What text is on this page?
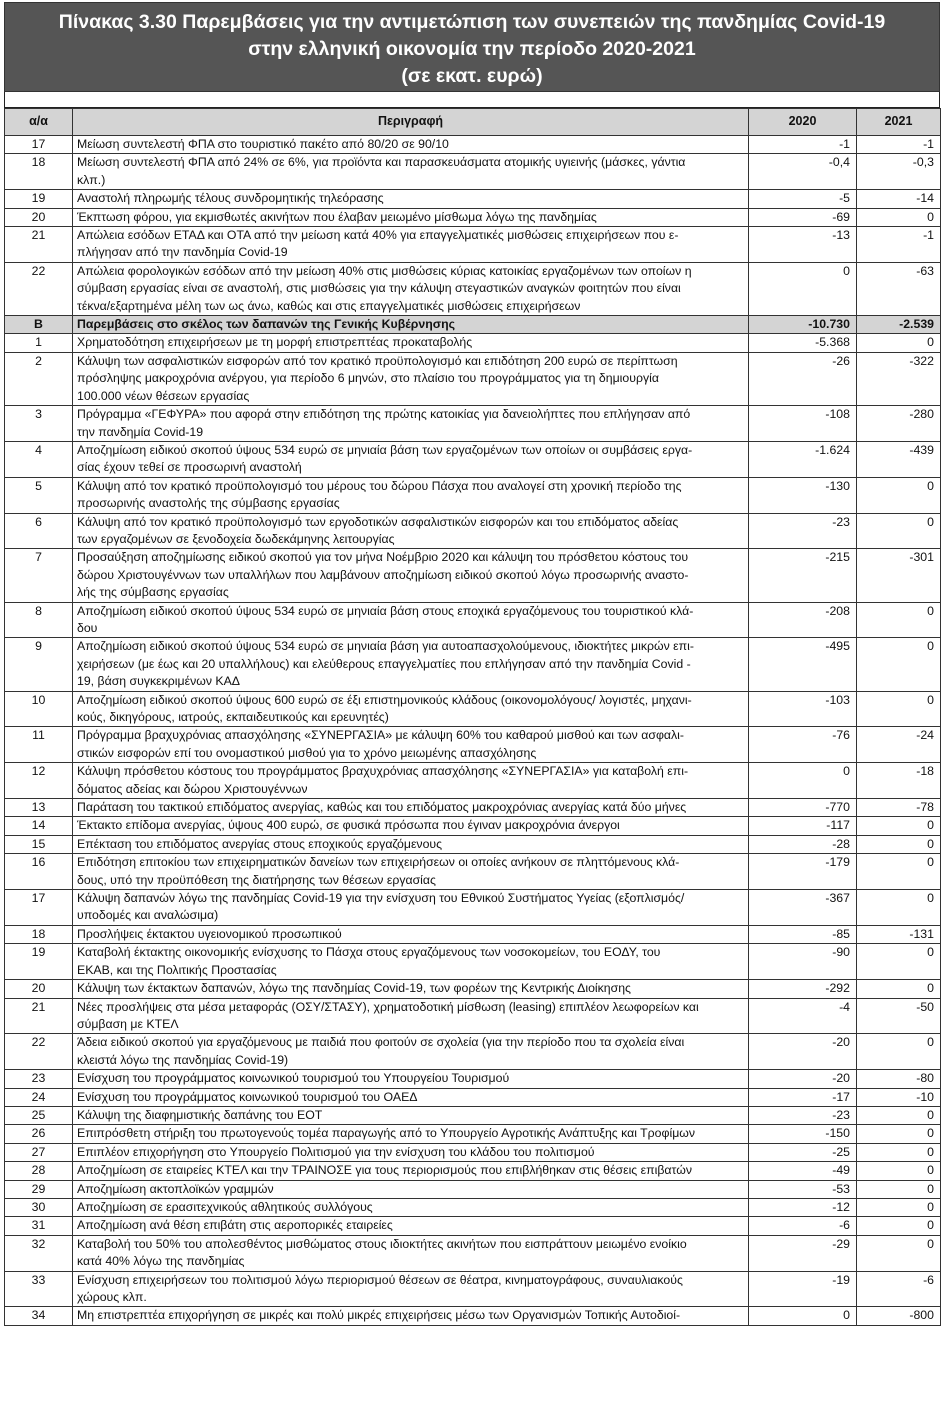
Πίνακας 3.30 Παρεμβάσεις για την αντιμετώπιση των συνεπειών της πανδημίας Covid-19
στην ελληνική οικονομία την περίοδο 2020-2021
(σε εκατ. ευρώ)
α/α	Περιγραφή	2020	2021
17	Μείωση συντελεστή ΦΠΑ στο τουριστικό πακέτο από 80/20 σε 90/10	-1	-1
18	Μείωση συντελεστή ΦΠΑ από 24% σε 6%, για προϊόντα και παρασκευάσματα ατομικής υγιεινής (μάσκες, γάντια
κλπ.)	-0,4	-0,3
19	Αναστολή πληρωμής τέλους συνδρομητικής τηλεόρασης	-5	-14
20	Έκπτωση φόρου, για εκμισθωτές ακινήτων που έλαβαν μειωμένο μίσθωμα λόγω της πανδημίας	-69	0
21	Απώλεια εσόδων ΕΤΑΔ και ΟΤΑ από την μείωση κατά 40% για επαγγελματικές μισθώσεις επιχειρήσεων που ε-
πλήγησαν από την πανδημία Covid-19	-13	-1
22	Απώλεια φορολογικών εσόδων από την μείωση 40% στις μισθώσεις κύριας κατοικίας εργαζομένων των οποίων η
σύμβαση εργασίας είναι σε αναστολή, στις μισθώσεις για την κάλυψη στεγαστικών αναγκών φοιτητών που είναι
τέκνα/εξαρτημένα μέλη των ως άνω, καθώς και στις επαγγελματικές μισθώσεις επιχειρήσεων	0	-63
Β	Παρεμβάσεις στο σκέλος των δαπανών της Γενικής Κυβέρνησης	-10.730	-2.539
1	Χρηματοδότηση επιχειρήσεων με τη μορφή επιστρεπτέας προκαταβολής	-5.368	0
2	Κάλυψη των ασφαλιστικών εισφορών από τον κρατικό προϋπολογισμό και επιδότηση 200 ευρώ σε περίπτωση
πρόσληψης μακροχρόνια ανέργου, για περίοδο 6 μηνών, στο πλαίσιο του προγράμματος για τη δημιουργία
100.000 νέων θέσεων εργασίας	-26	-322
3	Πρόγραμμα «ΓΕΦΥΡΑ» που αφορά στην επιδότηση της πρώτης κατοικίας για δανειολήπτες που επλήγησαν από
την πανδημία Covid-19	-108	-280
4	Αποζημίωση ειδικού σκοπού ύψους 534 ευρώ σε μηνιαία βάση των εργαζομένων των οποίων οι συμβάσεις εργα-
σίας έχουν τεθεί σε προσωρινή αναστολή	-1.624	-439
5	Κάλυψη από τον κρατικό προϋπολογισμό του μέρους του δώρου Πάσχα που αναλογεί στη χρονική περίοδο της
προσωρινής αναστολής της σύμβασης εργασίας	-130	0
6	Κάλυψη από τον κρατικό προϋπολογισμό των εργοδοτικών ασφαλιστικών εισφορών και του επιδόματος αδείας
των εργαζομένων σε ξενοδοχεία δωδεκάμηνης λειτουργίας	-23	0
7	Προσαύξηση αποζημίωσης ειδικού σκοπού για τον μήνα Νοέμβριο 2020 και κάλυψη του πρόσθετου κόστους του
δώρου Χριστουγέννων των υπαλλήλων που λαμβάνουν αποζημίωση ειδικού σκοπού λόγω προσωρινής αναστο-
λής της σύμβασης εργασίας	-215	-301
8	Αποζημίωση ειδικού σκοπού ύψους 534 ευρώ σε μηνιαία βάση στους εποχικά εργαζόμενους του τουριστικού κλά-
δου	-208	0
9	Αποζημίωση ειδικού σκοπού ύψους 534 ευρώ σε μηνιαία βάση για αυτοαπασχολούμενους, ιδιοκτήτες μικρών επι-
χειρήσεων (με έως και 20 υπαλλήλους) και ελεύθερους επαγγελματίες που επλήγησαν από την πανδημία Covid -
19, βάση συγκεκριμένων ΚΑΔ	-495	0
10	Αποζημίωση ειδικού σκοπού ύψους 600 ευρώ σε έξι επιστημονικούς κλάδους (οικονομολόγους/ λογιστές, μηχανι-
κούς, δικηγόρους, ιατρούς, εκπαιδευτικούς και ερευνητές)	-103	0
11	Πρόγραμμα βραχυχρόνιας απασχόλησης «ΣΥΝΕΡΓΑΣΙΑ» με κάλυψη 60% του καθαρού μισθού και των ασφαλι-
στικών εισφορών επί του ονομαστικού μισθού για το χρόνο μειωμένης απασχόλησης	-76	-24
12	Κάλυψη πρόσθετου κόστους του προγράμματος βραχυχρόνιας απασχόλησης «ΣΥΝΕΡΓΑΣΙΑ» για καταβολή επι-
δόματος αδείας και δώρου Χριστουγέννων	0	-18
13	Παράταση του τακτικού επιδόματος ανεργίας, καθώς και του επιδόματος μακροχρόνιας ανεργίας κατά δύο μήνες	-770	-78
14	Έκτακτο επίδομα ανεργίας, ύψους 400 ευρώ, σε φυσικά πρόσωπα που έγιναν μακροχρόνια άνεργοι	-117	0
15	Επέκταση του επιδόματος ανεργίας στους εποχικούς εργαζόμενους	-28	0
16	Επιδότηση επιτοκίου των επιχειρηματικών δανείων των επιχειρήσεων οι οποίες ανήκουν σε πληττόμενους κλά-
δους, υπό την προϋπόθεση της διατήρησης των θέσεων εργασίας	-179	0
17	Κάλυψη δαπανών λόγω της πανδημίας Covid-19 για την ενίσχυση του Εθνικού Συστήματος Υγείας (εξοπλισμός/
υποδομές και αναλώσιμα)	-367	0
18	Προσλήψεις έκτακτου υγειονομικού προσωπικού	-85	-131
19	Καταβολή έκτακτης οικονομικής ενίσχυσης το Πάσχα στους εργαζόμενους των νοσοκομείων, του ΕΟΔΥ, του
ΕΚΑΒ, και της Πολιτικής Προστασίας	-90	0
20	Κάλυψη των έκτακτων δαπανών, λόγω της πανδημίας Covid-19, των φορέων της Κεντρικής Διοίκησης	-292	0
21	Νέες προσλήψεις στα μέσα μεταφοράς (ΟΣΥ/ΣΤΑΣΥ), χρηματοδοτική μίσθωση (leasing) επιπλέον λεωφορείων και
σύμβαση με ΚΤΕΛ	-4	-50
22	Άδεια ειδικού σκοπού για εργαζόμενους με παιδιά που φοιτούν σε σχολεία (για την περίοδο που τα σχολεία είναι
κλειστά λόγω της πανδημίας Covid-19)	-20	0
23	Ενίσχυση του προγράμματος κοινωνικού τουρισμού του Υπουργείου Τουρισμού	-20	-80
24	Ενίσχυση του προγράμματος κοινωνικού τουρισμού του ΟΑΕΔ	-17	-10
25	Κάλυψη της διαφημιστικής δαπάνης του ΕΟΤ	-23	0
26	Επιπρόσθετη στήριξη του πρωτογενούς τομέα παραγωγής από το Υπουργείο Αγροτικής Ανάπτυξης και Τροφίμων	-150	0
27	Επιπλέον επιχορήγηση στο Υπουργείο Πολιτισμού για την ενίσχυση του κλάδου του πολιτισμού	-25	0
28	Αποζημίωση σε εταιρείες ΚΤΕΛ και την ΤΡΑΙΝΟΣΕ για τους περιορισμούς που επιβλήθηκαν στις θέσεις επιβατών	-49	0
29	Αποζημίωση ακτοπλοϊκών γραμμών	-53	0
30	Αποζημίωση σε ερασιτεχνικούς αθλητικούς συλλόγους	-12	0
31	Αποζημίωση ανά θέση επιβάτη στις αεροπορικές εταιρείες	-6	0
32	Καταβολή του 50% του απολεσθέντος μισθώματος στους ιδιοκτήτες ακινήτων που εισπράττουν μειωμένο ενοίκιο
κατά 40% λόγω της πανδημίας	-29	0
33	Ενίσχυση επιχειρήσεων του πολιτισμού λόγω περιορισμού θέσεων σε θέατρα, κινηματογράφους, συναυλιακούς
χώρους κλπ.	-19	-6
34	Μη επιστρεπτέα επιχορήγηση σε μικρές και πολύ μικρές επιχειρήσεις μέσω των Οργανισμών Τοπικής Αυτοδιοί-	0	-800
